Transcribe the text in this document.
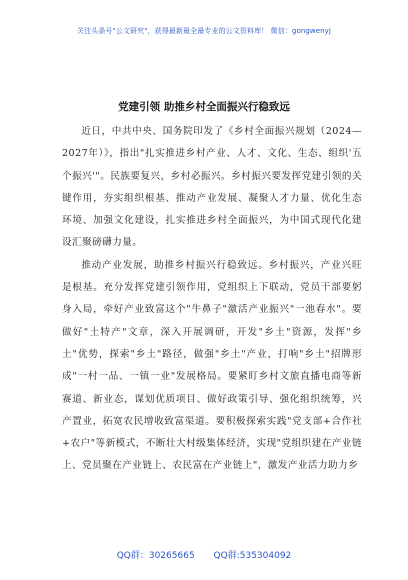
关注头条号"公文研究"，获得最新最全最专业的公文资料库！ 微信：gongwenyj
党建引领 助推乡村全面振兴行稳致远

近日，中共中央、国务院印发了《乡村全面振兴规划（2024—2027年）》，指出"扎实推进乡村产业、人才、文化、生态、组织'五个振兴'"。民族要复兴，乡村必振兴。乡村振兴要发挥党建引领的关键作用，夯实组织根基、推动产业发展、凝聚人才力量、优化生态环境、加强文化建设，扎实推进乡村全面振兴，为中国式现代化建设汇聚磅礴力量。

推动产业发展，助推乡村振兴行稳致远。乡村振兴，产业兴旺是根基。充分发挥党建引领作用，党组织上下联动，党员干部要躬身入局，牵好产业致富这个"牛鼻子"激活产业振兴"一池春水"。要做好"土特产"文章，深入开展调研，开发"乡土"资源，发挥"乡土"优势，探索"乡土"路径，做强"乡土"产业，打响"乡土"招牌形成"一村一品、一镇一业"发展格局。要紧盯乡村文旅直播电商等新赛道、新业态，谋划优质项目、做好政策引导、强化组织统筹，兴产置业，拓宽农民增收致富渠道。要积极探索实践"党支部+合作社+农户"等新模式，不断壮大村级集体经济，实现"党组织建在产业链上、党员聚在产业链上、农民富在产业链上"，激发产业活力助力乡

QQ群：30265665 QQ群:535304092
